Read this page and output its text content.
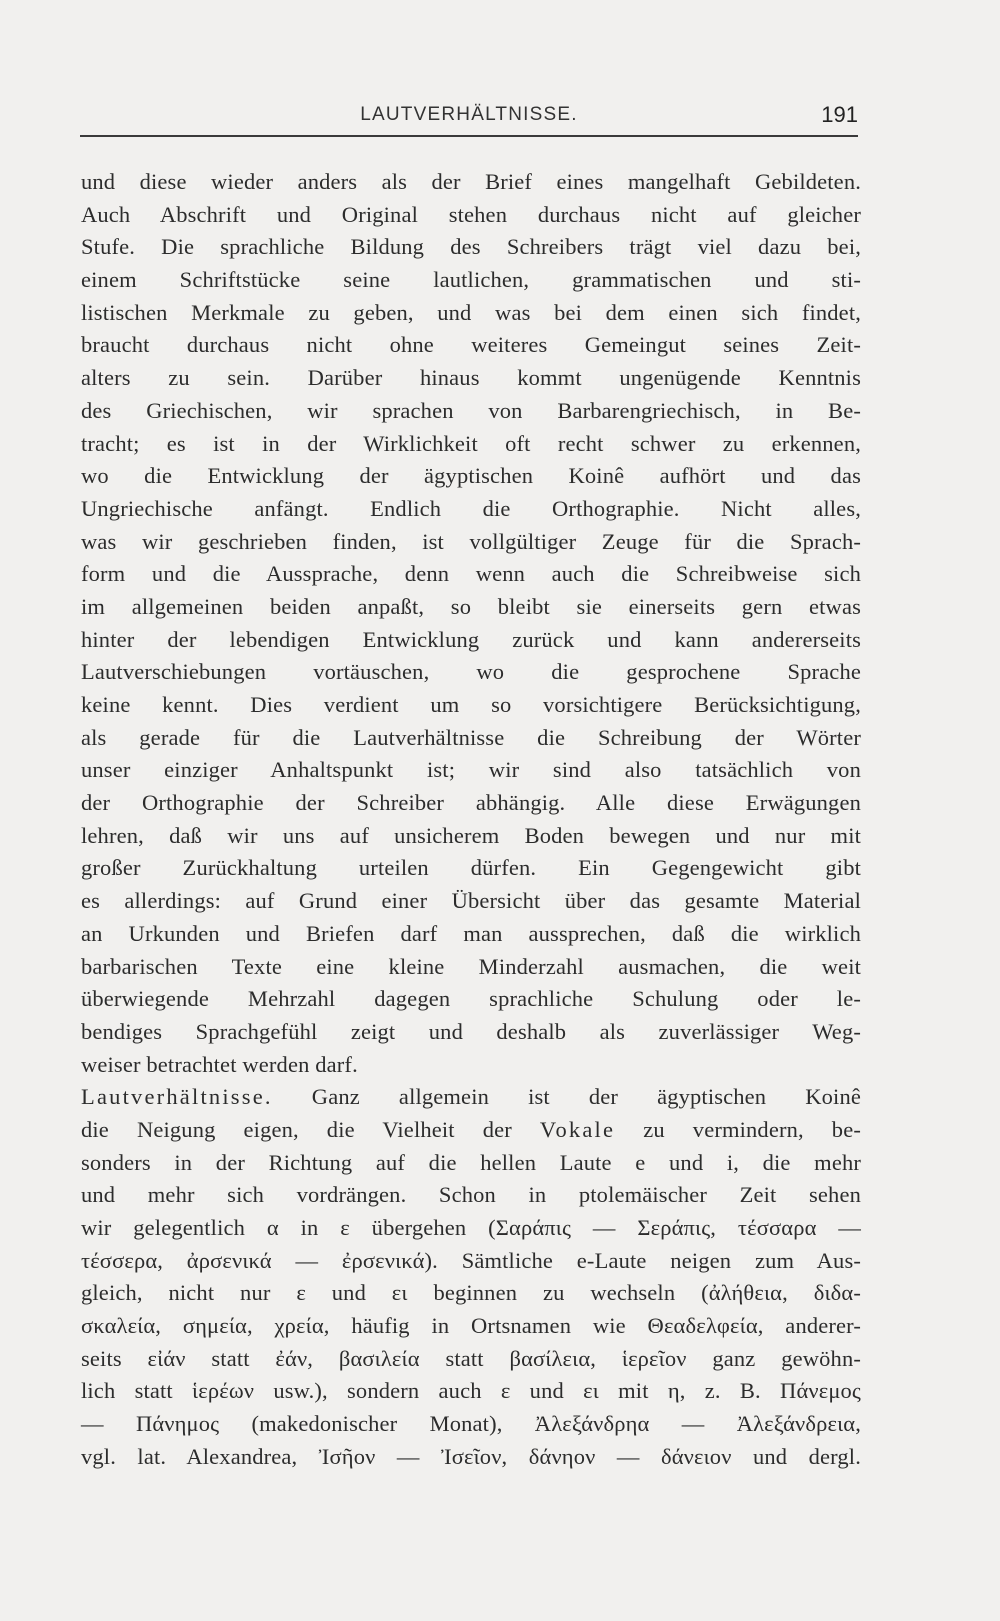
LAUTVERHÄLTNISSE.	191
und diese wieder anders als der Brief eines mangelhaft Gebildeten.
Auch Abschrift und Original stehen durchaus nicht auf gleicher
Stufe. Die sprachliche Bildung des Schreibers trägt viel dazu bei,
einem Schriftstücke seine lautlichen, grammatischen und sti-
listischen Merkmale zu geben, und was bei dem einen sich findet,
braucht durchaus nicht ohne weiteres Gemeingut seines Zeit-
alters zu sein. Darüber hinaus kommt ungenügende Kenntnis
des Griechischen, wir sprachen von Barbarengriechisch, in Be-
tracht; es ist in der Wirklichkeit oft recht schwer zu erkennen,
wo die Entwicklung der ägyptischen Koinê aufhört und das
Ungriechische anfängt. Endlich die Orthographie. Nicht alles,
was wir geschrieben finden, ist vollgültiger Zeuge für die Sprach-
form und die Aussprache, denn wenn auch die Schreibweise sich
im allgemeinen beiden anpaßt, so bleibt sie einerseits gern etwas
hinter der lebendigen Entwicklung zurück und kann andererseits
Lautverschiebungen vortäuschen, wo die gesprochene Sprache
keine kennt. Dies verdient um so vorsichtigere Berücksichtigung,
als gerade für die Lautverhältnisse die Schreibung der Wörter
unser einziger Anhaltspunkt ist; wir sind also tatsächlich von
der Orthographie der Schreiber abhängig. Alle diese Erwägungen
lehren, daß wir uns auf unsicherem Boden bewegen und nur mit
großer Zurückhaltung urteilen dürfen. Ein Gegengewicht gibt
es allerdings: auf Grund einer Übersicht über das gesamte Material
an Urkunden und Briefen darf man aussprechen, daß die wirklich
barbarischen Texte eine kleine Minderzahl ausmachen, die weit
überwiegende Mehrzahl dagegen sprachliche Schulung oder le-
bendiges Sprachgefühl zeigt und deshalb als zuverlässiger Weg-
weiser betrachtet werden darf.
Lautverhältnisse. Ganz allgemein ist der ägyptischen Koinê
die Neigung eigen, die Vielheit der Vokale zu vermindern, be-
sonders in der Richtung auf die hellen Laute e und i, die mehr
und mehr sich vordrängen. Schon in ptolemäischer Zeit sehen
wir gelegentlich α in ε übergehen (Σαράπις — Σεράπις, τέσσαρα —
τέσσερα, ἀρσενικά — ἐρσενικά). Sämtliche e-Laute neigen zum Aus-
gleich, nicht nur ε und ει beginnen zu wechseln (ἀλήθεια, διδα-
σκαλεία, σημεία, χρεία, häufig in Ortsnamen wie Θεαδελφεία, anderer-
seits εἰάν statt ἐάν, βασιλεία statt βασίλεια, ἱερεῖον ganz gewöhn-
lich statt ἱερέων usw.), sondern auch ε und ει mit η, z. B. Πάνεμος
— Πάνημος (makedonischer Monat), Ἀλεξάνδρηα — Ἀλεξάνδρεια,
vgl. lat. Alexandrea, Ἰσῆον — Ἰσεῖον, δάνηον — δάνειον und dergl.
